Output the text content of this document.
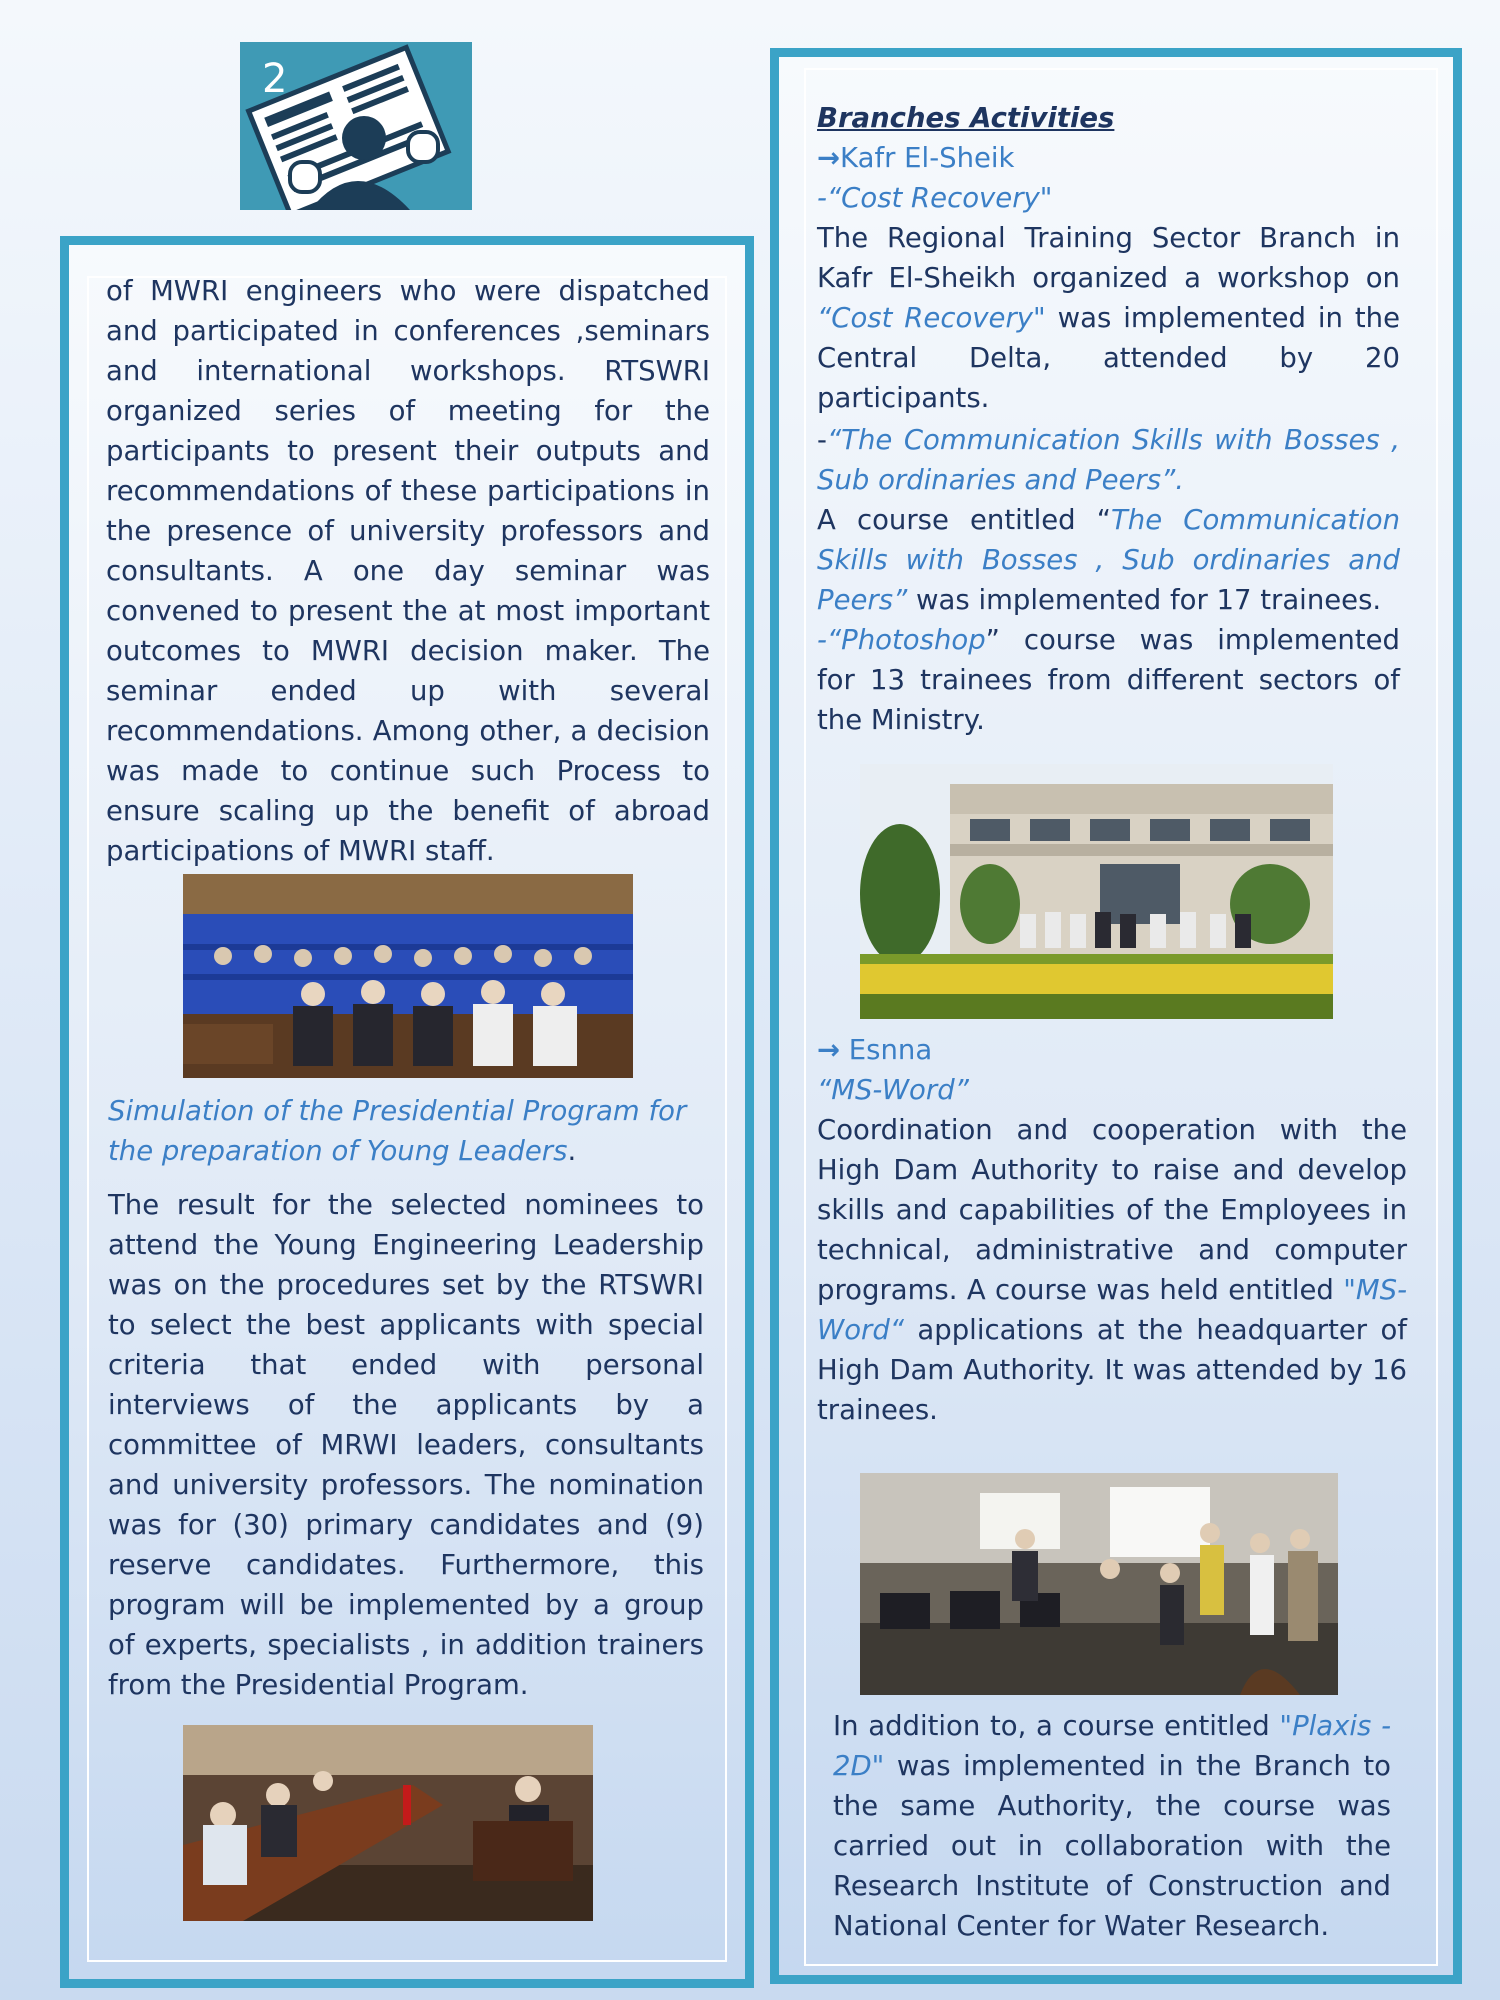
2

of MWRI engineers who were dispatched and participated in conferences ,seminars and international workshops. RTSWRI organized series of meeting for the participants to present their outputs and recommendations of these participations in the presence of university professors and consultants. A one day seminar was convened to present the at most important outcomes to MWRI decision maker. The seminar ended up with several recommendations. Among other, a decision was made to continue such Process to ensure scaling up the benefit of abroad participations of MWRI staff.

Simulation of the Presidential Program for the preparation of Young Leaders.

The result for the selected nominees to attend the Young Engineering Leadership was on the procedures set by the RTSWRI to select the best applicants with special criteria that ended with personal interviews of the applicants by a committee of MRWI leaders, consultants and university professors. The nomination was for (30) primary candidates and (9) reserve candidates. Furthermore, this program will be implemented by a group of experts, specialists , in addition trainers from the Presidential Program.

Branches Activities

→Kafr El-Sheik

-“Cost Recovery"

The Regional Training Sector Branch in Kafr El-Sheikh organized a workshop on “Cost Recovery" was implemented in the Central Delta, attended by 20 participants.

-“The Communication Skills with Bosses , Sub ordinaries and Peers”.

A course entitled “The Communication Skills with Bosses , Sub ordinaries and Peers” was implemented for 17 trainees.

-“Photoshop” course was implemented for 13 trainees from different sectors of the Ministry.

→ Esnna

“MS-Word”

Coordination and cooperation with the High Dam Authority to raise and develop skills and capabilities of the Employees in technical, administrative and computer programs. A course was held entitled "MS-Word“ applications at the headquarter of High Dam Authority. It was attended by 16 trainees.

In addition to, a course entitled "Plaxis - 2D" was implemented in the Branch to the same Authority, the course was carried out in collaboration with the Research Institute of Construction and National Center for Water Research.
